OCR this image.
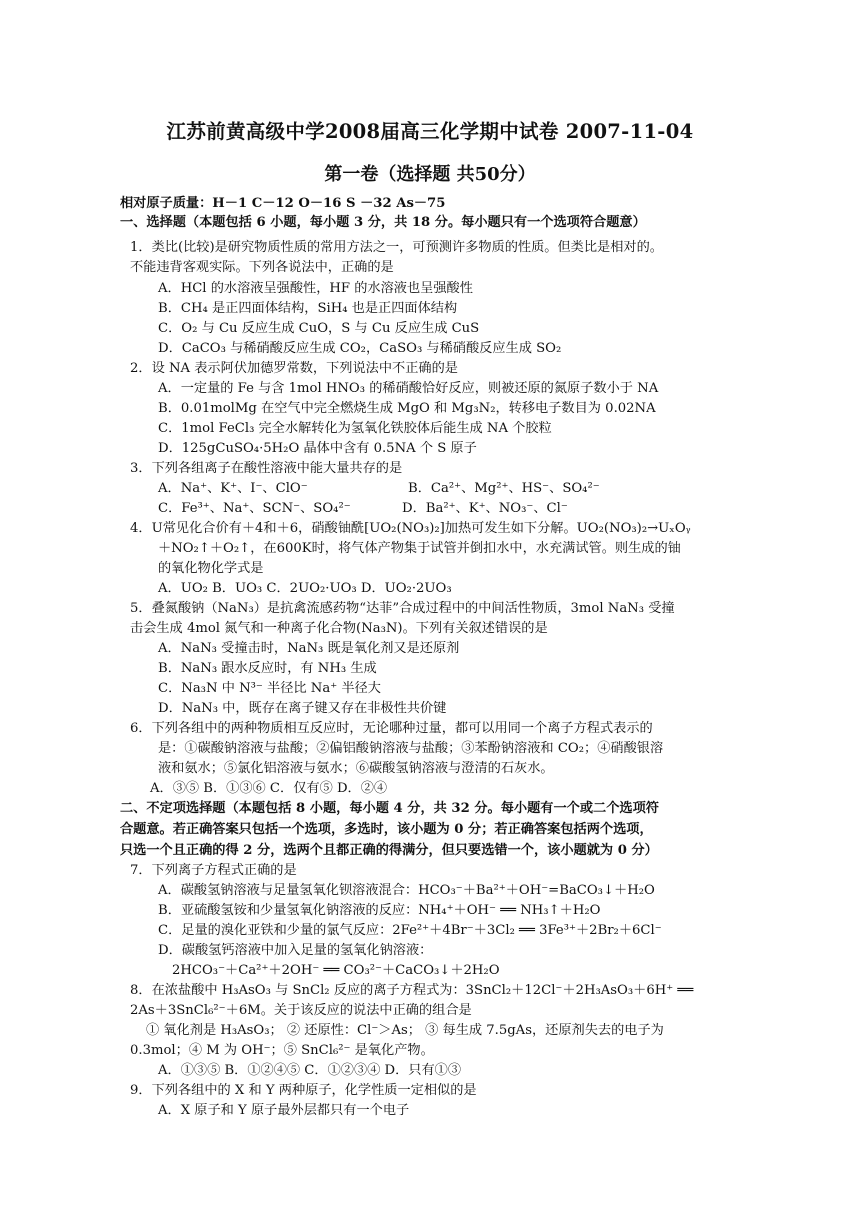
江苏前黄高级中学2008届高三化学期中试卷 2007-11-04
第一卷（选择题 共50分）
相对原子质量：H－1 C－12 O－16 S －32 As－75
一、选择题（本题包括 6 小题，每小题 3 分，共 18 分。每小题只有一个选项符合题意）
1．类比(比较)是研究物质性质的常用方法之一，可预测许多物质的性质。但类比是相对的。
不能违背客观实际。下列各说法中，正确的是
A．HCl 的水溶液呈强酸性，HF 的水溶液也呈强酸性
B．CH₄ 是正四面体结构，SiH₄ 也是正四面体结构
C．O₂ 与 Cu 反应生成 CuO，S 与 Cu 反应生成 CuS
D．CaCO₃ 与稀硝酸反应生成 CO₂，CaSO₃ 与稀硝酸反应生成 SO₂
2．设 NA 表示阿伏加德罗常数，下列说法中不正确的是
A．一定量的 Fe 与含 1mol HNO₃ 的稀硝酸恰好反应，则被还原的氮原子数小于 NA
B．0.01molMg 在空气中完全燃烧生成 MgO 和 Mg₃N₂，转移电子数目为 0.02NA
C．1mol FeCl₃ 完全水解转化为氢氧化铁胶体后能生成 NA 个胶粒
D．125gCuSO₄·5H₂O 晶体中含有 0.5NA 个 S 原子
3．下列各组离子在酸性溶液中能大量共存的是
A．Na⁺、K⁺、I⁻、ClO⁻	B．Ca²⁺、Mg²⁺、HS⁻、SO₄²⁻
C．Fe³⁺、Na⁺、SCN⁻、SO₄²⁻	D．Ba²⁺、K⁺、NO₃⁻、Cl⁻
4．U常见化合价有＋4和＋6，硝酸铀酰[UO₂(NO₃)₂]加热可发生如下分解。UO₂(NO₃)₂→UₓOᵧ
＋NO₂↑＋O₂↑，在600K时，将气体产物集于试管并倒扣水中，水充满试管。则生成的铀
的氧化物化学式是
A．UO₂ B．UO₃ C．2UO₂·UO₃ D．UO₂·2UO₃
5．叠氮酸钠（NaN₃）是抗禽流感药物“达菲”合成过程中的中间活性物质，3mol NaN₃ 受撞
击会生成 4mol 氮气和一种离子化合物(Na₃N)。下列有关叙述错误的是
A．NaN₃ 受撞击时，NaN₃ 既是氧化剂又是还原剂
B．NaN₃ 跟水反应时，有 NH₃ 生成
C．Na₃N 中 N³⁻ 半径比 Na⁺ 半径大
D．NaN₃ 中，既存在离子键又存在非极性共价键
6．下列各组中的两种物质相互反应时，无论哪种过量，都可以用同一个离子方程式表示的
是：①碳酸钠溶液与盐酸；②偏铝酸钠溶液与盐酸；③苯酚钠溶液和 CO₂；④硝酸银溶
液和氨水；⑤氯化铝溶液与氨水；⑥碳酸氢钠溶液与澄清的石灰水。
A．③⑤ B．①③⑥ C．仅有⑤ D．②④
二、不定项选择题（本题包括 8 小题，每小题 4 分，共 32 分。每小题有一个或二个选项符
合题意。若正确答案只包括一个选项，多选时，该小题为 0 分；若正确答案包括两个选项，
只选一个且正确的得 2 分，选两个且都正确的得满分，但只要选错一个，该小题就为 0 分）
7．下列离子方程式正确的是
A．碳酸氢钠溶液与足量氢氧化钡溶液混合：HCO₃⁻＋Ba²⁺＋OH⁻=BaCO₃↓＋H₂O
B．亚硫酸氢铵和少量氢氧化钠溶液的反应：NH₄⁺＋OH⁻ ══ NH₃↑＋H₂O
C．足量的溴化亚铁和少量的氯气反应：2Fe²⁺＋4Br⁻＋3Cl₂ ══ 3Fe³⁺＋2Br₂＋6Cl⁻
D．碳酸氢钙溶液中加入足量的氢氧化钠溶液：
2HCO₃⁻＋Ca²⁺＋2OH⁻ ══ CO₃²⁻＋CaCO₃↓＋2H₂O
8．在浓盐酸中 H₃AsO₃ 与 SnCl₂ 反应的离子方程式为：3SnCl₂＋12Cl⁻＋2H₃AsO₃＋6H⁺ ══
2As＋3SnCl₆²⁻＋6M。关于该反应的说法中正确的组合是
① 氧化剂是 H₃AsO₃； ② 还原性：Cl⁻＞As； ③ 每生成 7.5gAs，还原剂失去的电子为
0.3mol；④ M 为 OH⁻；⑤ SnCl₆²⁻ 是氧化产物。
A．①③⑤ B．①②④⑤ C．①②③④ D．只有①③
9．下列各组中的 X 和 Y 两种原子，化学性质一定相似的是
A．X 原子和 Y 原子最外层都只有一个电子
